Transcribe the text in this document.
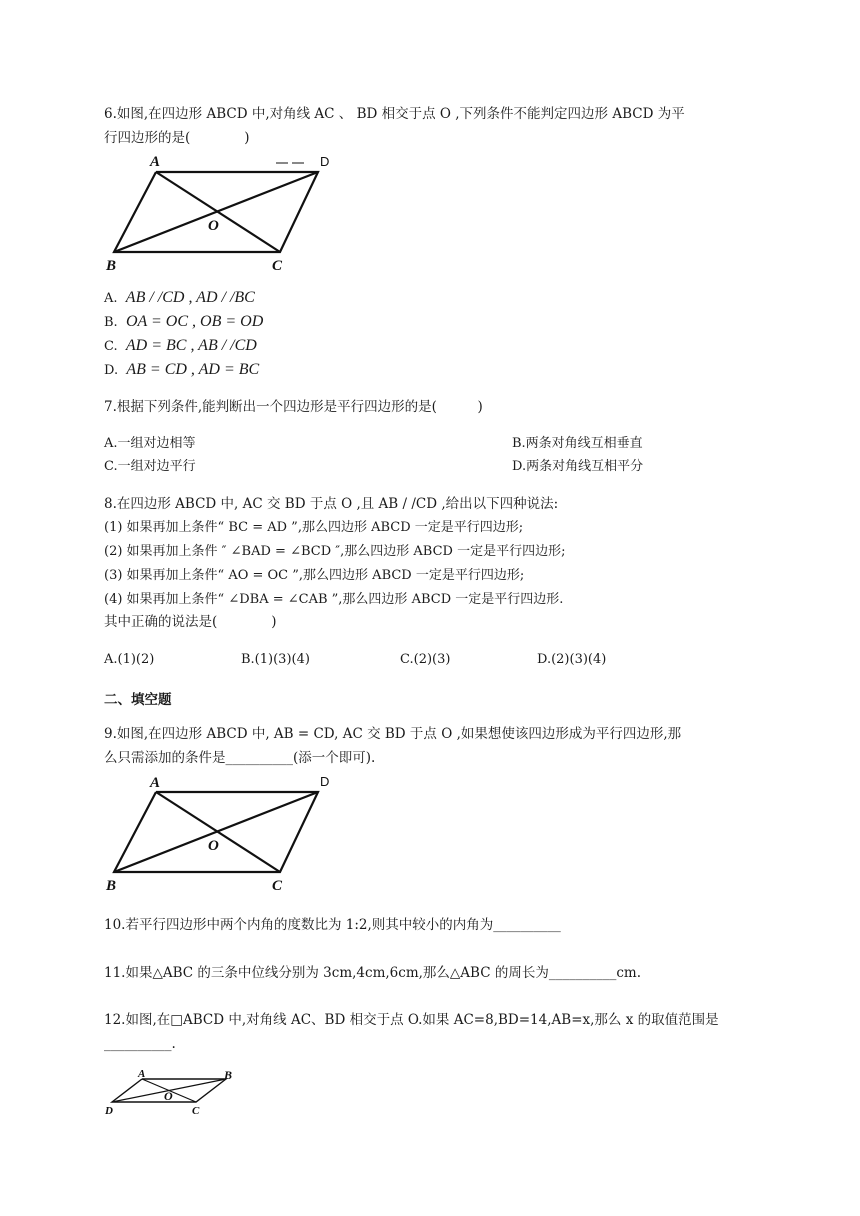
6.如图,在四边形 ABCD 中,对角线 AC 、 BD 相交于点 O ,下列条件不能判定四边形 ABCD 为平
行四边形的是(　　　　)
A	D
O
B	C
A. AB / /CD , AD / /BC
B. OA = OC , OB = OD
C. AD = BC , AB / /CD
D. AB = CD , AD = BC
7.根据下列条件,能判断出一个四边形是平行四边形的是(　　　)
A.一组对边相等	B.两条对角线互相垂直
C.一组对边平行	D.两条对角线互相平分
8.在四边形 ABCD 中, AC 交 BD 于点 O ,且 AB / /CD ,给出以下四种说法:
(1) 如果再加上条件“ BC = AD ”,那么四边形 ABCD 一定是平行四边形;
(2) 如果再加上条件 ″ ∠BAD = ∠BCD ″,那么四边形 ABCD 一定是平行四边形;
(3) 如果再加上条件“ AO = OC ”,那么四边形 ABCD 一定是平行四边形;
(4) 如果再加上条件“ ∠DBA = ∠CAB ”,那么四边形 ABCD 一定是平行四边形.
其中正确的说法是(　　　　)
A.(1)(2)	B.(1)(3)(4)	C.(2)(3)	D.(2)(3)(4)
二、填空题
9.如图,在四边形 ABCD 中, AB = CD, AC 交 BD 于点 O ,如果想使该四边形成为平行四边形,那
么只需添加的条件是__________(添一个即可).
A	D
O
B	C
10.若平行四边形中两个内角的度数比为 1:2,则其中较小的内角为__________
11.如果△ABC 的三条中位线分别为 3cm,4cm,6cm,那么△ABC 的周长为__________cm.
12.如图,在□ABCD 中,对角线 AC、BD 相交于点 O.如果 AC=8,BD=14,AB=x,那么 x 的取值范围是
__________.
A	B
O
D	C
